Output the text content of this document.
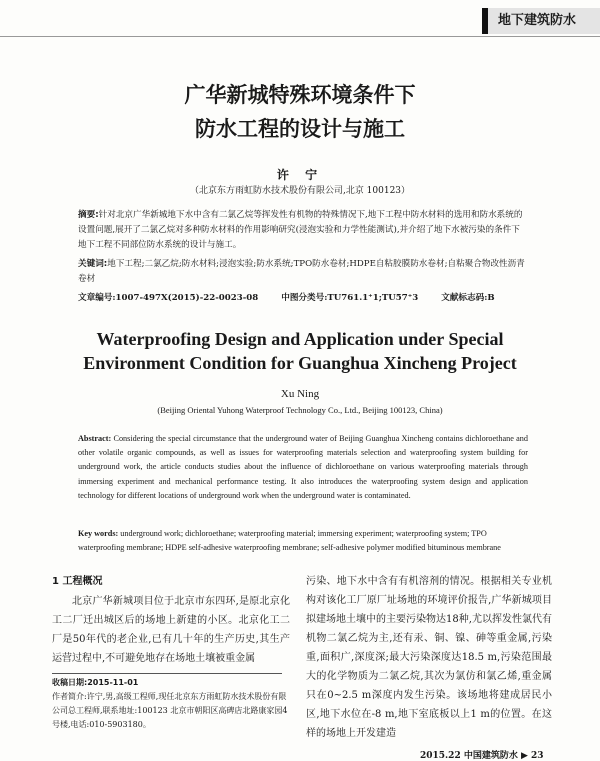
地下建筑防水
广华新城特殊环境条件下
防水工程的设计与施工
许 宁
（北京东方雨虹防水技术股份有限公司,北京 100123）
摘要:针对北京广华新城地下水中含有二氯乙烷等挥发性有机物的特殊情况下,地下工程中防水材料的选用和防水系统的设置问题,展开了二氯乙烷对多种防水材料的作用影响研究(浸泡实验和力学性能测试),并介绍了地下水被污染的条件下地下工程不同部位防水系统的设计与施工。
关键词:地下工程;二氯乙烷;防水材料;浸泡实验;防水系统;TPO防水卷材;HDPE自粘胶膜防水卷材;自粘聚合物改性沥青卷材
文章编号:1007-497X(2015)-22-0023-08	中图分类号:TU761.1⁺1;TU57⁺3	文献标志码:B
Waterproofing Design and Application under Special
Environment Condition for Guanghua Xincheng Project
Xu Ning
(Beijing Oriental Yuhong Waterproof Technology Co., Ltd., Beijing 100123, China)
Abstract: Considering the special circumstance that the underground water of Beijing Guanghua Xincheng contains dichloroethane and other volatile organic compounds, as well as issues for waterproofing materials selection and waterproofing system building for underground work, the article conducts studies about the influence of dichloroethane on various waterproofing materials through immersing experiment and mechanical performance testing. It also introduces the waterproofing system design and application technology for different locations of underground work when the underground water is contaminated.
Key words: underground work; dichloroethane; waterproofing material; immersing experiment; waterproofing system; TPO waterproofing membrane; HDPE self-adhesive waterproofing membrane; self-adhesive polymer modified bituminous membrane
1 工程概况
北京广华新城项目位于北京市东四环,是原北京化工二厂迁出城区后的场地上新建的小区。北京化工二厂是50年代的老企业,已有几十年的生产历史,其生产运营过程中,不可避免地存在场地土壤被重金属
污染、地下水中含有有机溶剂的情况。根据相关专业机构对该化工厂原厂址场地的环境评价报告,广华新城项目拟建场地土壤中的主要污染物达18种,尤以挥发性氯代有机物二氯乙烷为主,还有汞、铜、镍、砷等重金属,污染重,面积广,深度深;最大污染深度达18.5 m,污染范围最大的化学物质为二氯乙烷,其次为氯仿和氯乙烯,重金属只在0~2.5 m深度内发生污染。该场地将建成居民小区,地下水位在-8 m,地下室底板以上1 m的位置。在这样的场地上开发建造
收稿日期:2015-11-01
作者简介:许宁,男,高级工程师,现任北京东方雨虹防水技术股份有限公司总工程师,联系地址:100123 北京市朝阳区高碑店北路康家园4号楼,电话:010-5903180。
2015.22 中国建筑防水 ▶ 23
